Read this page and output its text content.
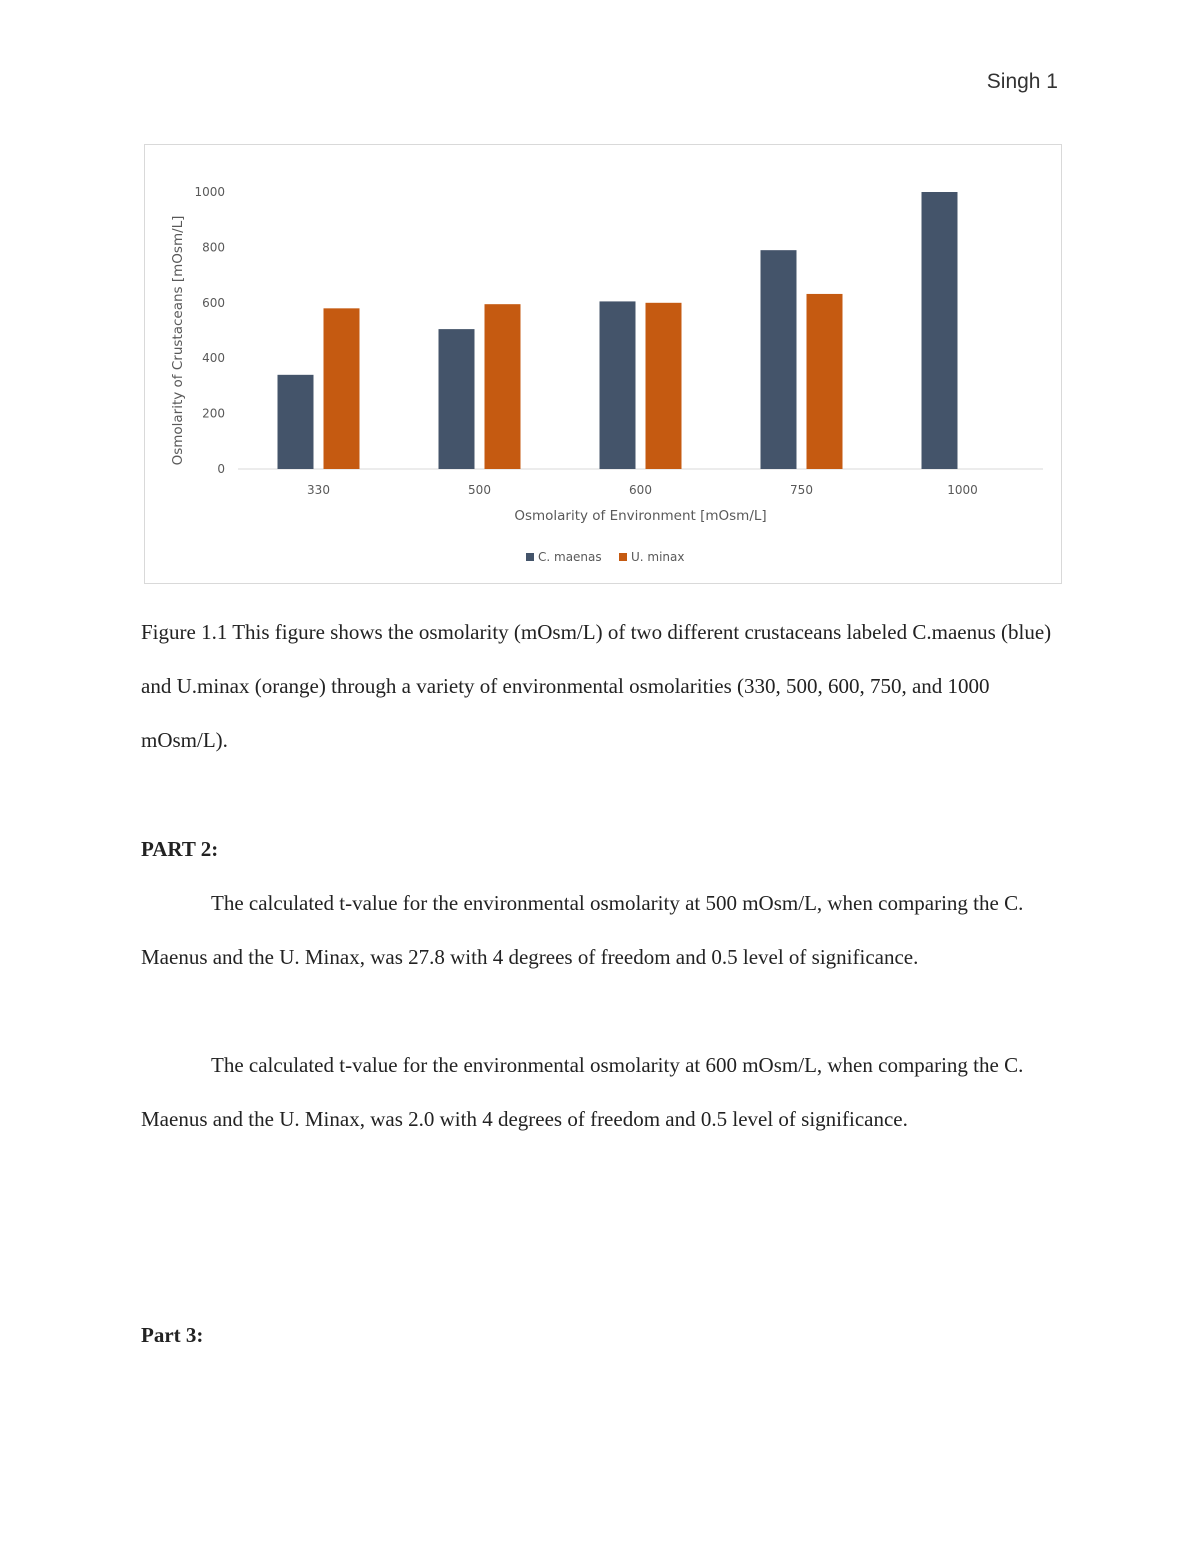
Singh 1
0
200
400
600
800
1000
330	500	600	750	1000
Osmolarity of Environment [mOsm/L]
Osmolarity of Crustaceans [mOsm/L]
C. maenas U. minax
Figure 1.1 This figure shows the osmolarity (mOsm/L) of two different crustaceans labeled C.maenus (blue) and U.minax (orange) through a variety of environmental osmolarities (330, 500, 600, 750, and 1000 mOsm/L).
PART 2:
The calculated t-value for the environmental osmolarity at 500 mOsm/L, when comparing the C. Maenus and the U. Minax, was 27.8 with 4 degrees of freedom and 0.5 level of significance.
The calculated t-value for the environmental osmolarity at 600 mOsm/L, when comparing the C. Maenus and the U. Minax, was 2.0 with 4 degrees of freedom and 0.5 level of significance.
Part 3:
